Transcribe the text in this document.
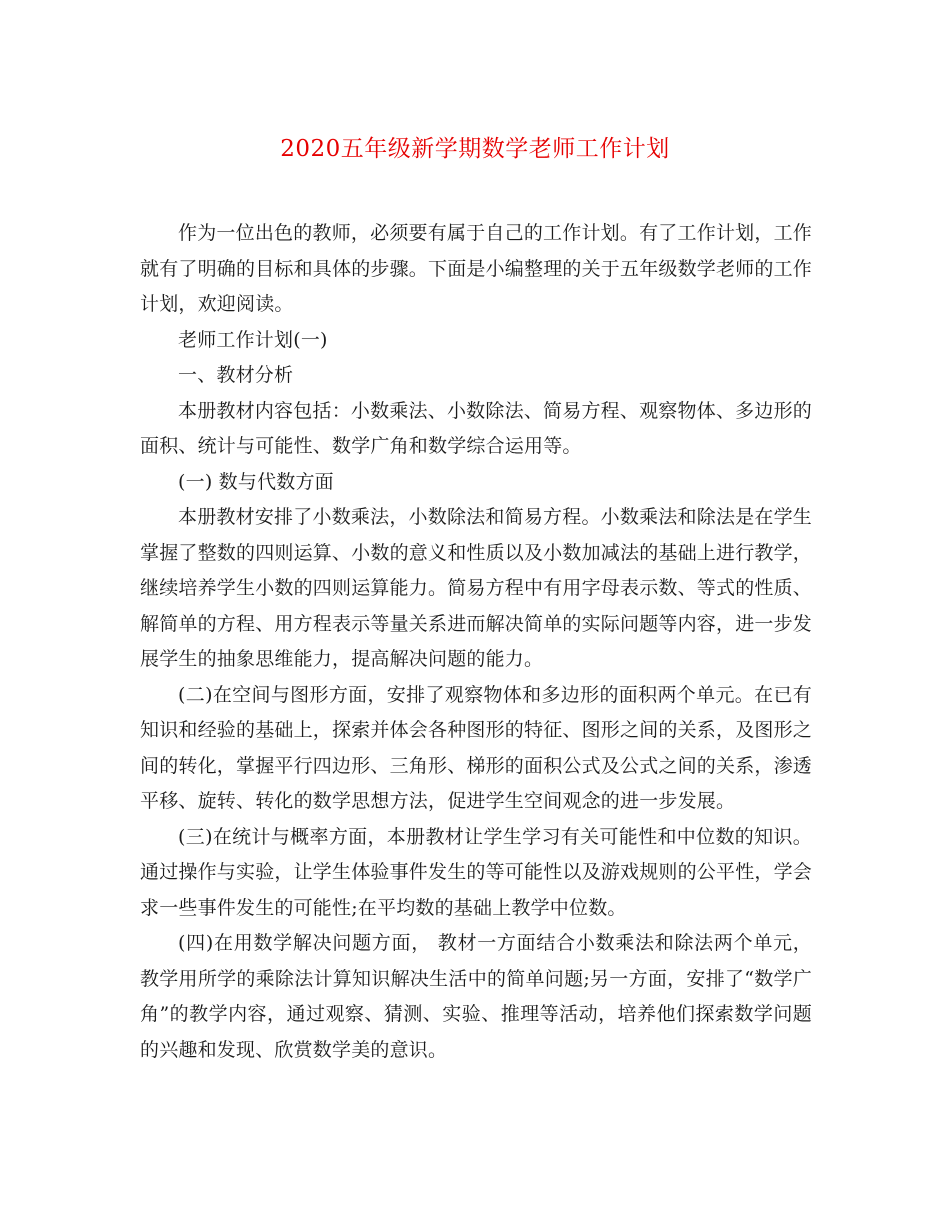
2020五年级新学期数学老师工作计划

作为一位出色的教师，必须要有属于自己的工作计划。有了工作计划，工作就有了明确的目标和具体的步骤。下面是小编整理的关于五年级数学老师的工作计划，欢迎阅读。

老师工作计划(一)

一、教材分析

本册教材内容包括：小数乘法、小数除法、简易方程、观察物体、多边形的面积、统计与可能性、数学广角和数学综合运用等。

(一) 数与代数方面

本册教材安排了小数乘法，小数除法和简易方程。小数乘法和除法是在学生掌握了整数的四则运算、小数的意义和性质以及小数加减法的基础上进行教学，继续培养学生小数的四则运算能力。简易方程中有用字母表示数、等式的性质、解简单的方程、用方程表示等量关系进而解决简单的实际问题等内容，进一步发展学生的抽象思维能力，提高解决问题的能力。

(二)在空间与图形方面，安排了观察物体和多边形的面积两个单元。在已有知识和经验的基础上，探索并体会各种图形的特征、图形之间的关系，及图形之间的转化，掌握平行四边形、三角形、梯形的面积公式及公式之间的关系，渗透平移、旋转、转化的数学思想方法，促进学生空间观念的进一步发展。

(三)在统计与概率方面，本册教材让学生学习有关可能性和中位数的知识。通过操作与实验，让学生体验事件发生的等可能性以及游戏规则的公平性，学会求一些事件发生的可能性;在平均数的基础上教学中位数。

(四)在用数学解决问题方面， 教材一方面结合小数乘法和除法两个单元，教学用所学的乘除法计算知识解决生活中的简单问题;另一方面，安排了“数学广角”的教学内容，通过观察、猜测、实验、推理等活动，培养他们探索数学问题的兴趣和发现、欣赏数学美的意识。
